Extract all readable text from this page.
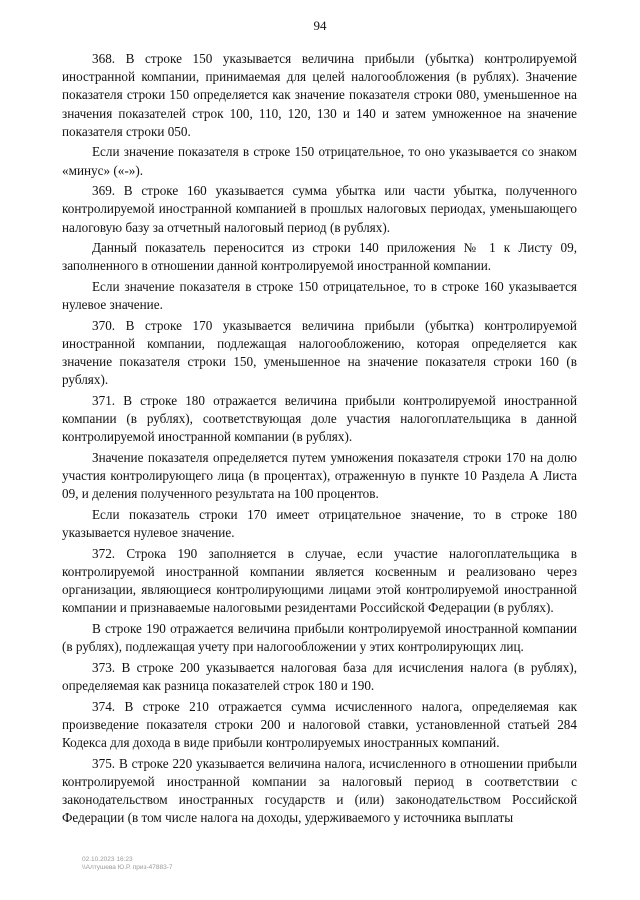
94

368. В строке 150 указывается величина прибыли (убытка) контролируемой иностранной компании, принимаемая для целей налогообложения (в рублях). Значение показателя строки 150 определяется как значение показателя строки 080, уменьшенное на значения показателей строк 100, 110, 120, 130 и 140 и затем умноженное на значение показателя строки 050.

Если значение показателя в строке 150 отрицательное, то оно указывается со знаком «минус» («-»).

369. В строке 160 указывается сумма убытка или части убытка, полученного контролируемой иностранной компанией в прошлых налоговых периодах, уменьшающего налоговую базу за отчетный налоговый период (в рублях).

Данный показатель переносится из строки 140 приложения № 1 к Листу 09, заполненного в отношении данной контролируемой иностранной компании.

Если значение показателя в строке 150 отрицательное, то в строке 160 указывается нулевое значение.

370. В строке 170 указывается величина прибыли (убытка) контролируемой иностранной компании, подлежащая налогообложению, которая определяется как значение показателя строки 150, уменьшенное на значение показателя строки 160 (в рублях).

371. В строке 180 отражается величина прибыли контролируемой иностранной компании (в рублях), соответствующая доле участия налогоплательщика в данной контролируемой иностранной компании (в рублях).

Значение показателя определяется путем умножения показателя строки 170 на долю участия контролирующего лица (в процентах), отраженную в пункте 10 Раздела А Листа 09, и деления полученного результата на 100 процентов.

Если показатель строки 170 имеет отрицательное значение, то в строке 180 указывается нулевое значение.

372. Строка 190 заполняется в случае, если участие налогоплательщика в контролируемой иностранной компании является косвенным и реализовано через организации, являющиеся контролирующими лицами этой контролируемой иностранной компании и признаваемые налоговыми резидентами Российской Федерации (в рублях).

В строке 190 отражается величина прибыли контролируемой иностранной компании (в рублях), подлежащая учету при налогообложении у этих контролирующих лиц.

373. В строке 200 указывается налоговая база для исчисления налога (в рублях), определяемая как разница показателей строк 180 и 190.

374. В строке 210 отражается сумма исчисленного налога, определяемая как произведение показателя строки 200 и налоговой ставки, установленной статьей 284 Кодекса для дохода в виде прибыли контролируемых иностранных компаний.

375. В строке 220 указывается величина налога, исчисленного в отношении прибыли контролируемой иностранной компании за налоговый период в соответствии с законодательством иностранных государств и (или) законодательством Российской Федерации (в том числе налога на доходы, удерживаемого у источника выплаты

02.10.2023 16:23
\\Алтушева Ю.Р. приз-47883-7
